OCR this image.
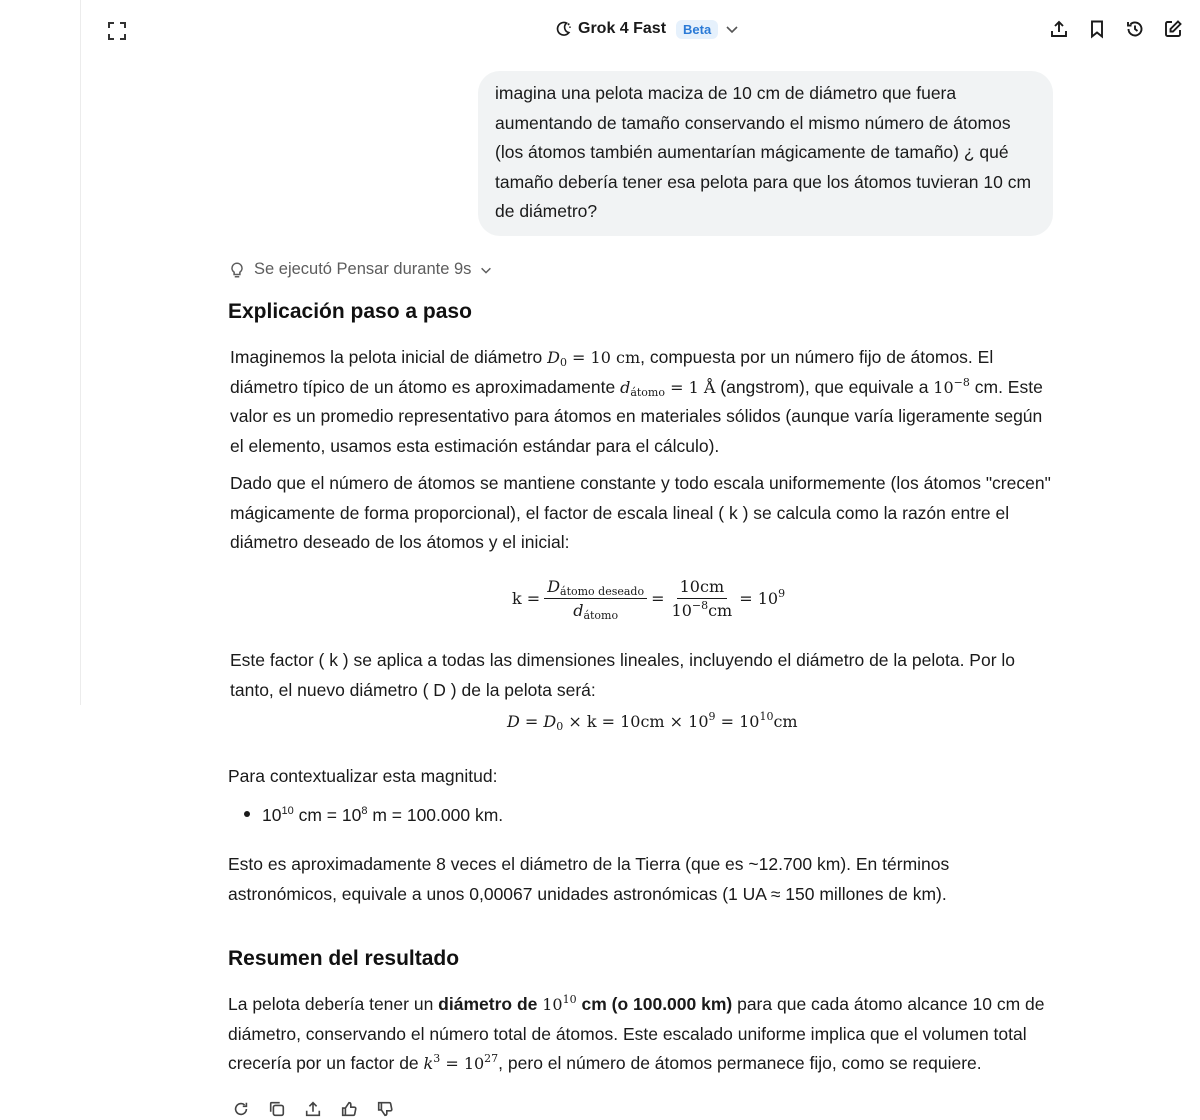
Grok 4 Fast	Beta
imagina una pelota maciza de 10 cm de diámetro que fuera aumentando de tamaño conservando el mismo número de átomos (los átomos también aumentarían mágicamente de tamaño) ¿ qué tamaño debería tener esa pelota para que los átomos tuvieran 10 cm de diámetro?
Se ejecutó Pensar durante 9s
Explicación paso a paso

Imaginemos la pelota inicial de diámetro $D_0 = 10$ cm, compuesta por un número fijo de átomos. El diámetro típico de un átomo es aproximadamente $d_{átomo} = 1$ Å (angstrom), que equivale a $10^{-8}$ cm. Este valor es un promedio representativo para átomos en materiales sólidos (aunque varía ligeramente según el elemento, usamos esta estimación estándar para el cálculo).

Dado que el número de átomos se mantiene constante y todo escala uniformemente (los átomos "crecen" mágicamente de forma proporcional), el factor de escala lineal ( k ) se calcula como la razón entre el diámetro deseado de los átomos y el inicial:

Este factor ( k ) se aplica a todas las dimensiones lineales, incluyendo el diámetro de la pelota. Por lo tanto, el nuevo diámetro ( D ) de la pelota será:

Para contextualizar esta magnitud:

$10^{10}$ cm = $10^8$ m = 100.000 km.

Esto es aproximadamente 8 veces el diámetro de la Tierra (que es ~12.700 km). En términos astronómicos, equivale a unos 0,00067 unidades astronómicas (1 UA ≈ 150 millones de km).

Resumen del resultado

La pelota debería tener un diámetro de $10^{10}$ cm (o 100.000 km) para que cada átomo alcance 10 cm de diámetro, conservando el número total de átomos. Este escalado uniforme implica que el volumen total crecería por un factor de $k^3 = 10^{27}$, pero el número de átomos permanece fijo, como se requiere.

$k = \frac{D_{átomo deseado}}{d_{átomo}} = \frac{10cm}{10^{-8}cm} = 10^9$
$D = D_0 \times k = 10cm \times 10^9 = 10^{10}cm$
